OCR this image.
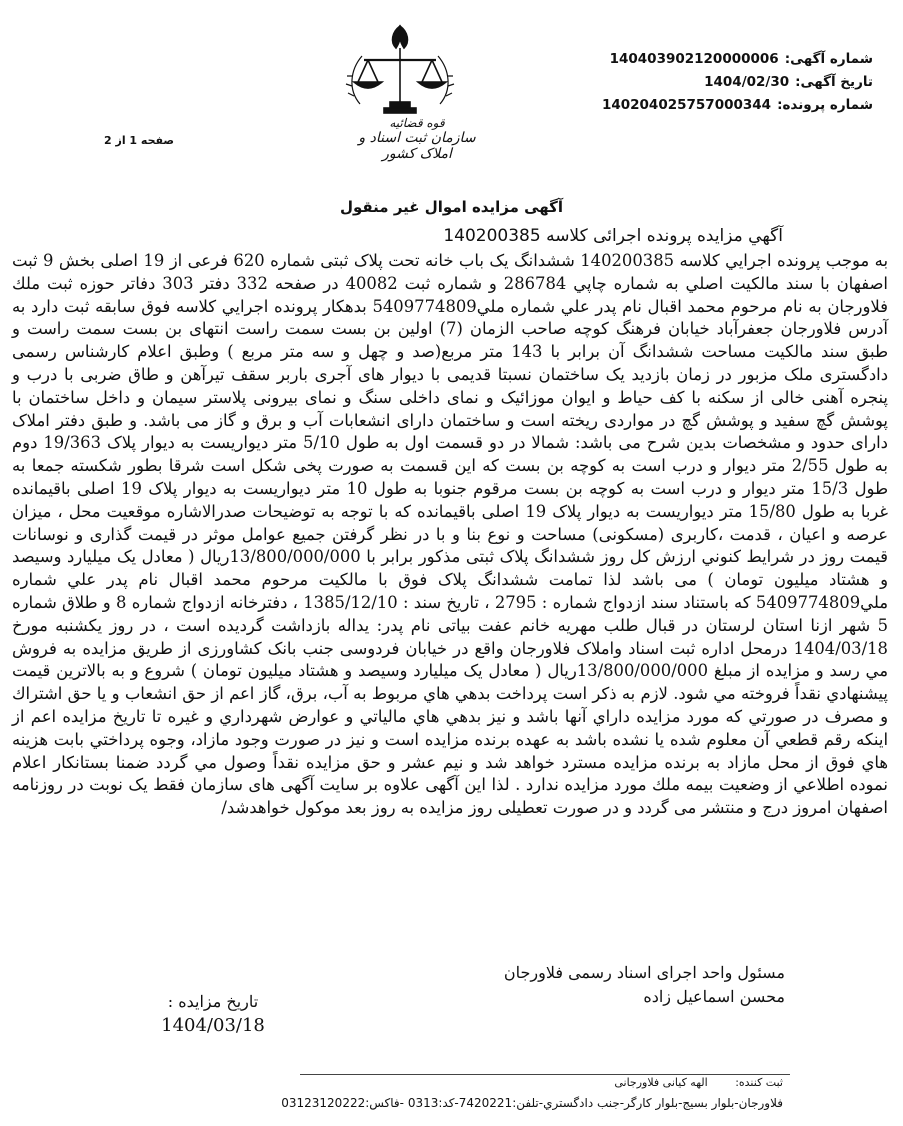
شماره آگهی:
140403902120000006
تاریخ آگهی:
1404/02/30
شماره پرونده:
140204025757000344
قوه قضائیه
سازمان ثبت اسناد و املاک کشور
صفحه 1 از 2
آگهی مزایده اموال غیر منقول
آگهي مزايده پرونده اجرائی كلاسه 140200385
به موجب پرونده اجرايي كلاسه 140200385 ششدانگ یک باب خانه تحت پلاک ثبتی شماره 620 فرعی از 19 اصلی بخش 9 ثبت اصفهان با سند مالكيت اصلي به شماره چاپي 286784 و شماره ثبت 40082 در صفحه 332 دفتر 303 دفاتر حوزه ثبت ملك فلاورجان به نام مرحوم محمد اقبال نام پدر علي شماره ملي5409774809 بدهكار پرونده اجرايي كلاسه فوق سابقه ثبت دارد به آدرس فلاورجان جعفرآباد خیابان فرهنگ کوچه صاحب الزمان (7) اولین بن بست سمت راست انتهای بن بست سمت راست و طبق سند مالکیت مساحت ششدانگ آن برابر با 143 متر مربع(صد و چهل و سه متر مربع ) وطبق اعلام کارشناس رسمی دادگستری ملک مزبور در زمان بازدید یک ساختمان نسبتا قدیمی با دیوار های آجری باربر سقف تیرآهن و طاق ضربی با درب و پنجره آهنی خالی از سکنه با کف حیاط و ایوان موزائیک و نمای داخلی سنگ و نمای بیرونی پلاستر سیمان و داخل ساختمان با پوشش گچ سفید و پوشش گچ در مواردی ریخته است و ساختمان دارای انشعابات آب و برق و گاز می باشد. و طبق دفتر املاک دارای حدود و مشخصات بدین شرح می باشد: شمالا در دو قسمت اول به طول 5/10 متر دیواریست به دیوار پلاک 19/363 دوم به طول 2/55 متر دیوار و درب است به کوچه بن بست که این قسمت به صورت پخی شکل است شرقا بطور شکسته جمعا به طول 15/3 متر دیوار و درب است به کوچه بن بست مرقوم جنوبا به طول 10 متر دیواریست به دیوار پلاک 19 اصلی باقیمانده غربا به طول 15/80 متر دیواریست به دیوار پلاک 19 اصلی باقیمانده که با توجه به توضیحات صدرالاشاره موقعیت محل ، میزان عرصه و اعیان ، قدمت ،کاربری (مسکونی) مساحت و نوع بنا و با در نظر گرفتن جمیع عوامل موثر در قیمت گذاری و نوسانات قیمت روز در شرايط كنوني ارزش كل روز ششدانگ پلاک ثبتی مذکور برابر با 13/800/000/000ريال ( معادل یک میلیارد وسیصد و هشتاد میلیون تومان ) می باشد لذا تمامت ششدانگ پلاک فوق با مالکیت مرحوم محمد اقبال نام پدر علي شماره ملي5409774809 که باستناد سند ازدواج شماره : 2795 ، تاریخ سند : 1385/12/10 ، دفترخانه ازدواج شماره 8 و طلاق شماره 5 شهر ازنا استان لرستان در قبال طلب مهریه خانم عفت بیاتی نام پدر: یداله بازداشت گردیده است ، در روز یکشنبه مورخ 1404/03/18 درمحل اداره ثبت اسناد واملاک فلاورجان واقع در خیابان فردوسی جنب بانک کشاورزی از طريق مزايده به فروش مي رسد و مزايده از مبلغ 13/800/000/000ريال ( معادل یک میلیارد وسیصد و هشتاد میلیون تومان ) شروع و به بالاترين قيمت پيشنهادي نقداً فروخته مي شود. لازم به ذكر است پرداخت بدهي هاي مربوط به آب، برق، گاز اعم از حق انشعاب و يا حق اشتراك و مصرف در صورتي كه مورد مزايده داراي آنها باشد و نيز بدهي هاي مالياتي و عوارض شهرداري و غيره تا تاريخ مزايده اعم از اينكه رقم قطعي آن معلوم شده يا نشده باشد به عهده برنده مزايده است و نيز در صورت وجود مازاد، وجوه پرداختي بابت هزينه هاي فوق از محل مازاد به برنده مزايده مسترد خواهد شد و نيم عشر و حق مزايده نقداً وصول مي گردد ضمنا بستانكار اعلام نموده اطلاعي از وضعيت بيمه ملك مورد مزايده ندارد . لذا این آگهی علاوه بر سایت آگهی های سازمان فقط یک نوبت در روزنامه اصفهان امروز درج و منتشر می گردد و در صورت تعطیلی روز مزایده به روز بعد موکول خواهدشد/
مسئول واحد اجرای اسناد رسمی فلاورجان
محسن اسماعیل زاده
تاريخ مزايده :
1404/03/18
ثبت کننده: الهه کیانی فلاورجانی
فلاورجان-بلوار بسيج-بلوار كارگر-جنب دادگستري-تلفن:7420221-كد:0313 -فاکس:03123120222
